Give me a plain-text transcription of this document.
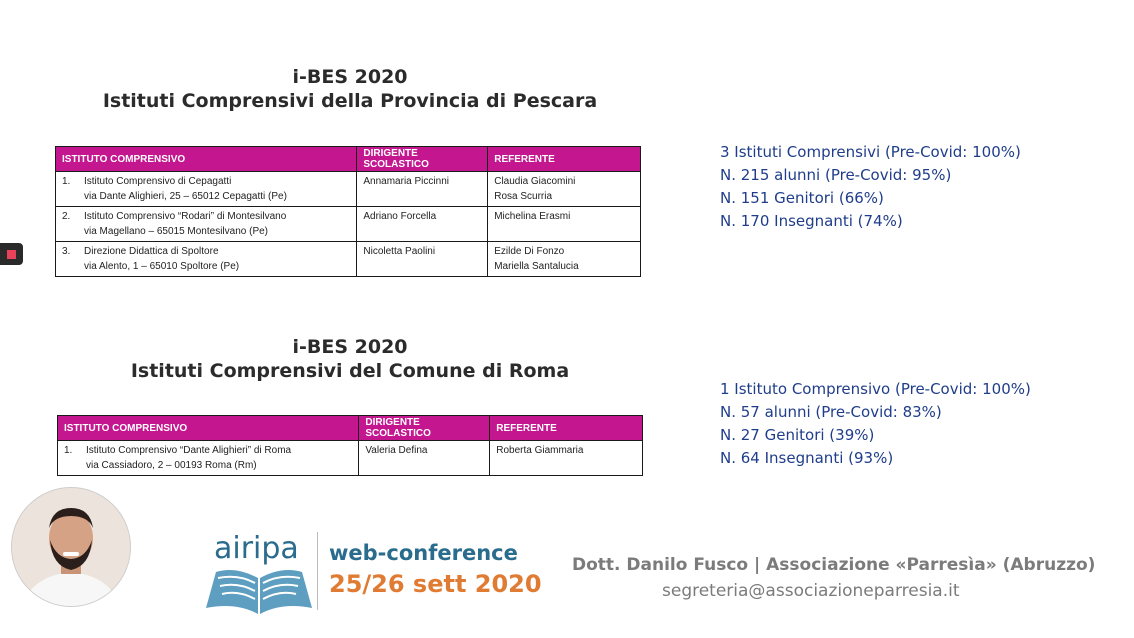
i-BES 2020
Istituti Comprensivi della Provincia di Pescara
ISTITUTO COMPRENSIVO	DIRIGENTE SCOLASTICO	REFERENTE
1. Istituto Comprensivo di Cepagatti
via Dante Alighieri, 25 – 65012 Cepagatti (Pe)	Annamaria Piccinni	Claudia Giacomini
Rosa Scurria

2. Istituto Comprensivo “Rodari” di Montesilvano
via Magellano – 65015 Montesilvano (Pe)	Adriano Forcella	Michelina Erasmi

3. Direzione Didattica di Spoltore
via Alento, 1 – 65010 Spoltore (Pe)	Nicoletta Paolini	Ezilde Di Fonzo
Mariella Santalucia
3 Istituti Comprensivi (Pre-Covid: 100%)
N. 215 alunni (Pre-Covid: 95%)
N. 151 Genitori (66%)
N. 170 Insegnanti (74%)
i-BES 2020
Istituti Comprensivi del Comune di Roma
ISTITUTO COMPRENSIVO	DIRIGENTE SCOLASTICO	REFERENTE
1. Istituto Comprensivo “Dante Alighieri” di Roma
via Cassiadoro, 2 – 00193 Roma (Rm)	Valeria Defina	Roberta Giammaria
1 Istituto Comprensivo (Pre-Covid: 100%)
N. 57 alunni (Pre-Covid: 83%)
N. 27 Genitori (39%)
N. 64 Insegnanti (93%)
airipa web-conference
25/26 sett 2020
Dott. Danilo Fusco | Associazione «Parresìa» (Abruzzo)
segreteria@associazioneparresia.it
